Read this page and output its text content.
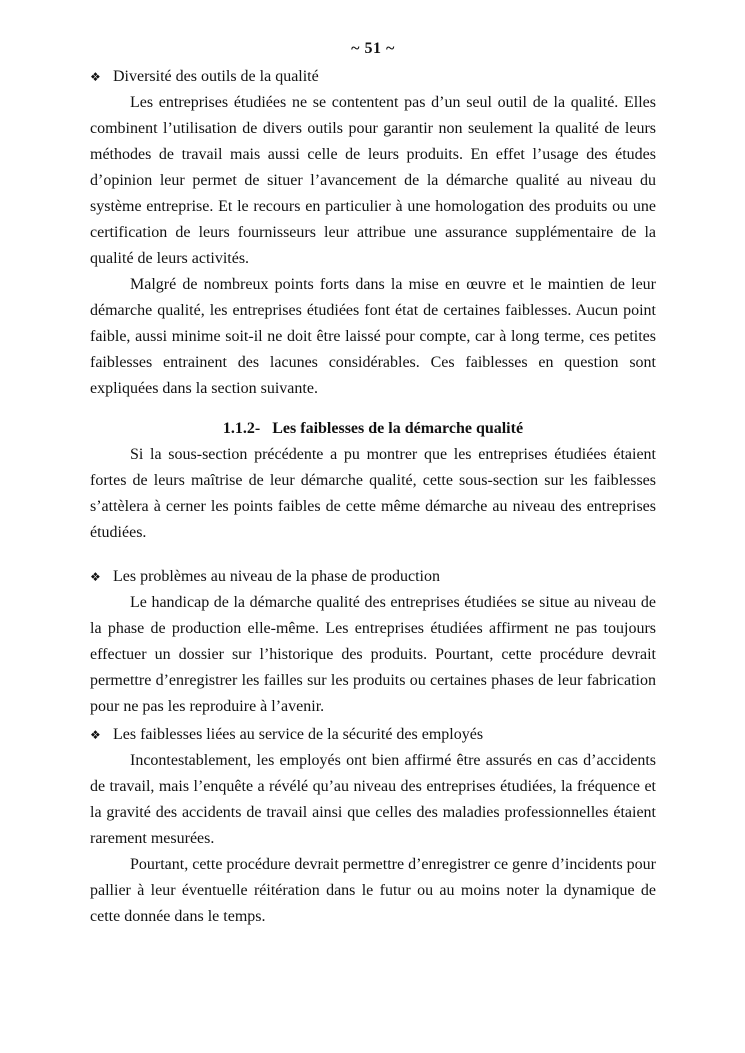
~ 51 ~
❖ Diversité des outils de la qualité

Les entreprises étudiées ne se contentent pas d’un seul outil de la qualité. Elles combinent l’utilisation de divers outils pour garantir non seulement la qualité de leurs méthodes de travail mais aussi celle de leurs produits. En effet l’usage des études d’opinion leur permet de situer l’avancement de la démarche qualité au niveau du système entreprise. Et le recours en particulier à une homologation des produits ou une certification de leurs fournisseurs leur attribue une assurance supplémentaire de la qualité de leurs activités.

Malgré de nombreux points forts dans la mise en œuvre et le maintien de leur démarche qualité, les entreprises étudiées font état de certaines faiblesses. Aucun point faible, aussi minime soit-il ne doit être laissé pour compte, car à long terme, ces petites faiblesses entrainent des lacunes considérables. Ces faiblesses en question sont expliquées dans la section suivante.

1.1.2- Les faiblesses de la démarche qualité

Si la sous-section précédente a pu montrer que les entreprises étudiées étaient fortes de leurs maîtrise de leur démarche qualité, cette sous-section sur les faiblesses s’attèlera à cerner les points faibles de cette même démarche au niveau des entreprises étudiées.

❖ Les problèmes au niveau de la phase de production

Le handicap de la démarche qualité des entreprises étudiées se situe au niveau de la phase de production elle-même. Les entreprises étudiées affirment ne pas toujours effectuer un dossier sur l’historique des produits. Pourtant, cette procédure devrait permettre d’enregistrer les failles sur les produits ou certaines phases de leur fabrication pour ne pas les reproduire à l’avenir.

❖ Les faiblesses liées au service de la sécurité des employés

Incontestablement, les employés ont bien affirmé être assurés en cas d’accidents de travail, mais l’enquête a révélé qu’au niveau des entreprises étudiées, la fréquence et la gravité des accidents de travail ainsi que celles des maladies professionnelles étaient rarement mesurées.

Pourtant, cette procédure devrait permettre d’enregistrer ce genre d’incidents pour pallier à leur éventuelle réitération dans le futur ou au moins noter la dynamique de cette donnée dans le temps.
